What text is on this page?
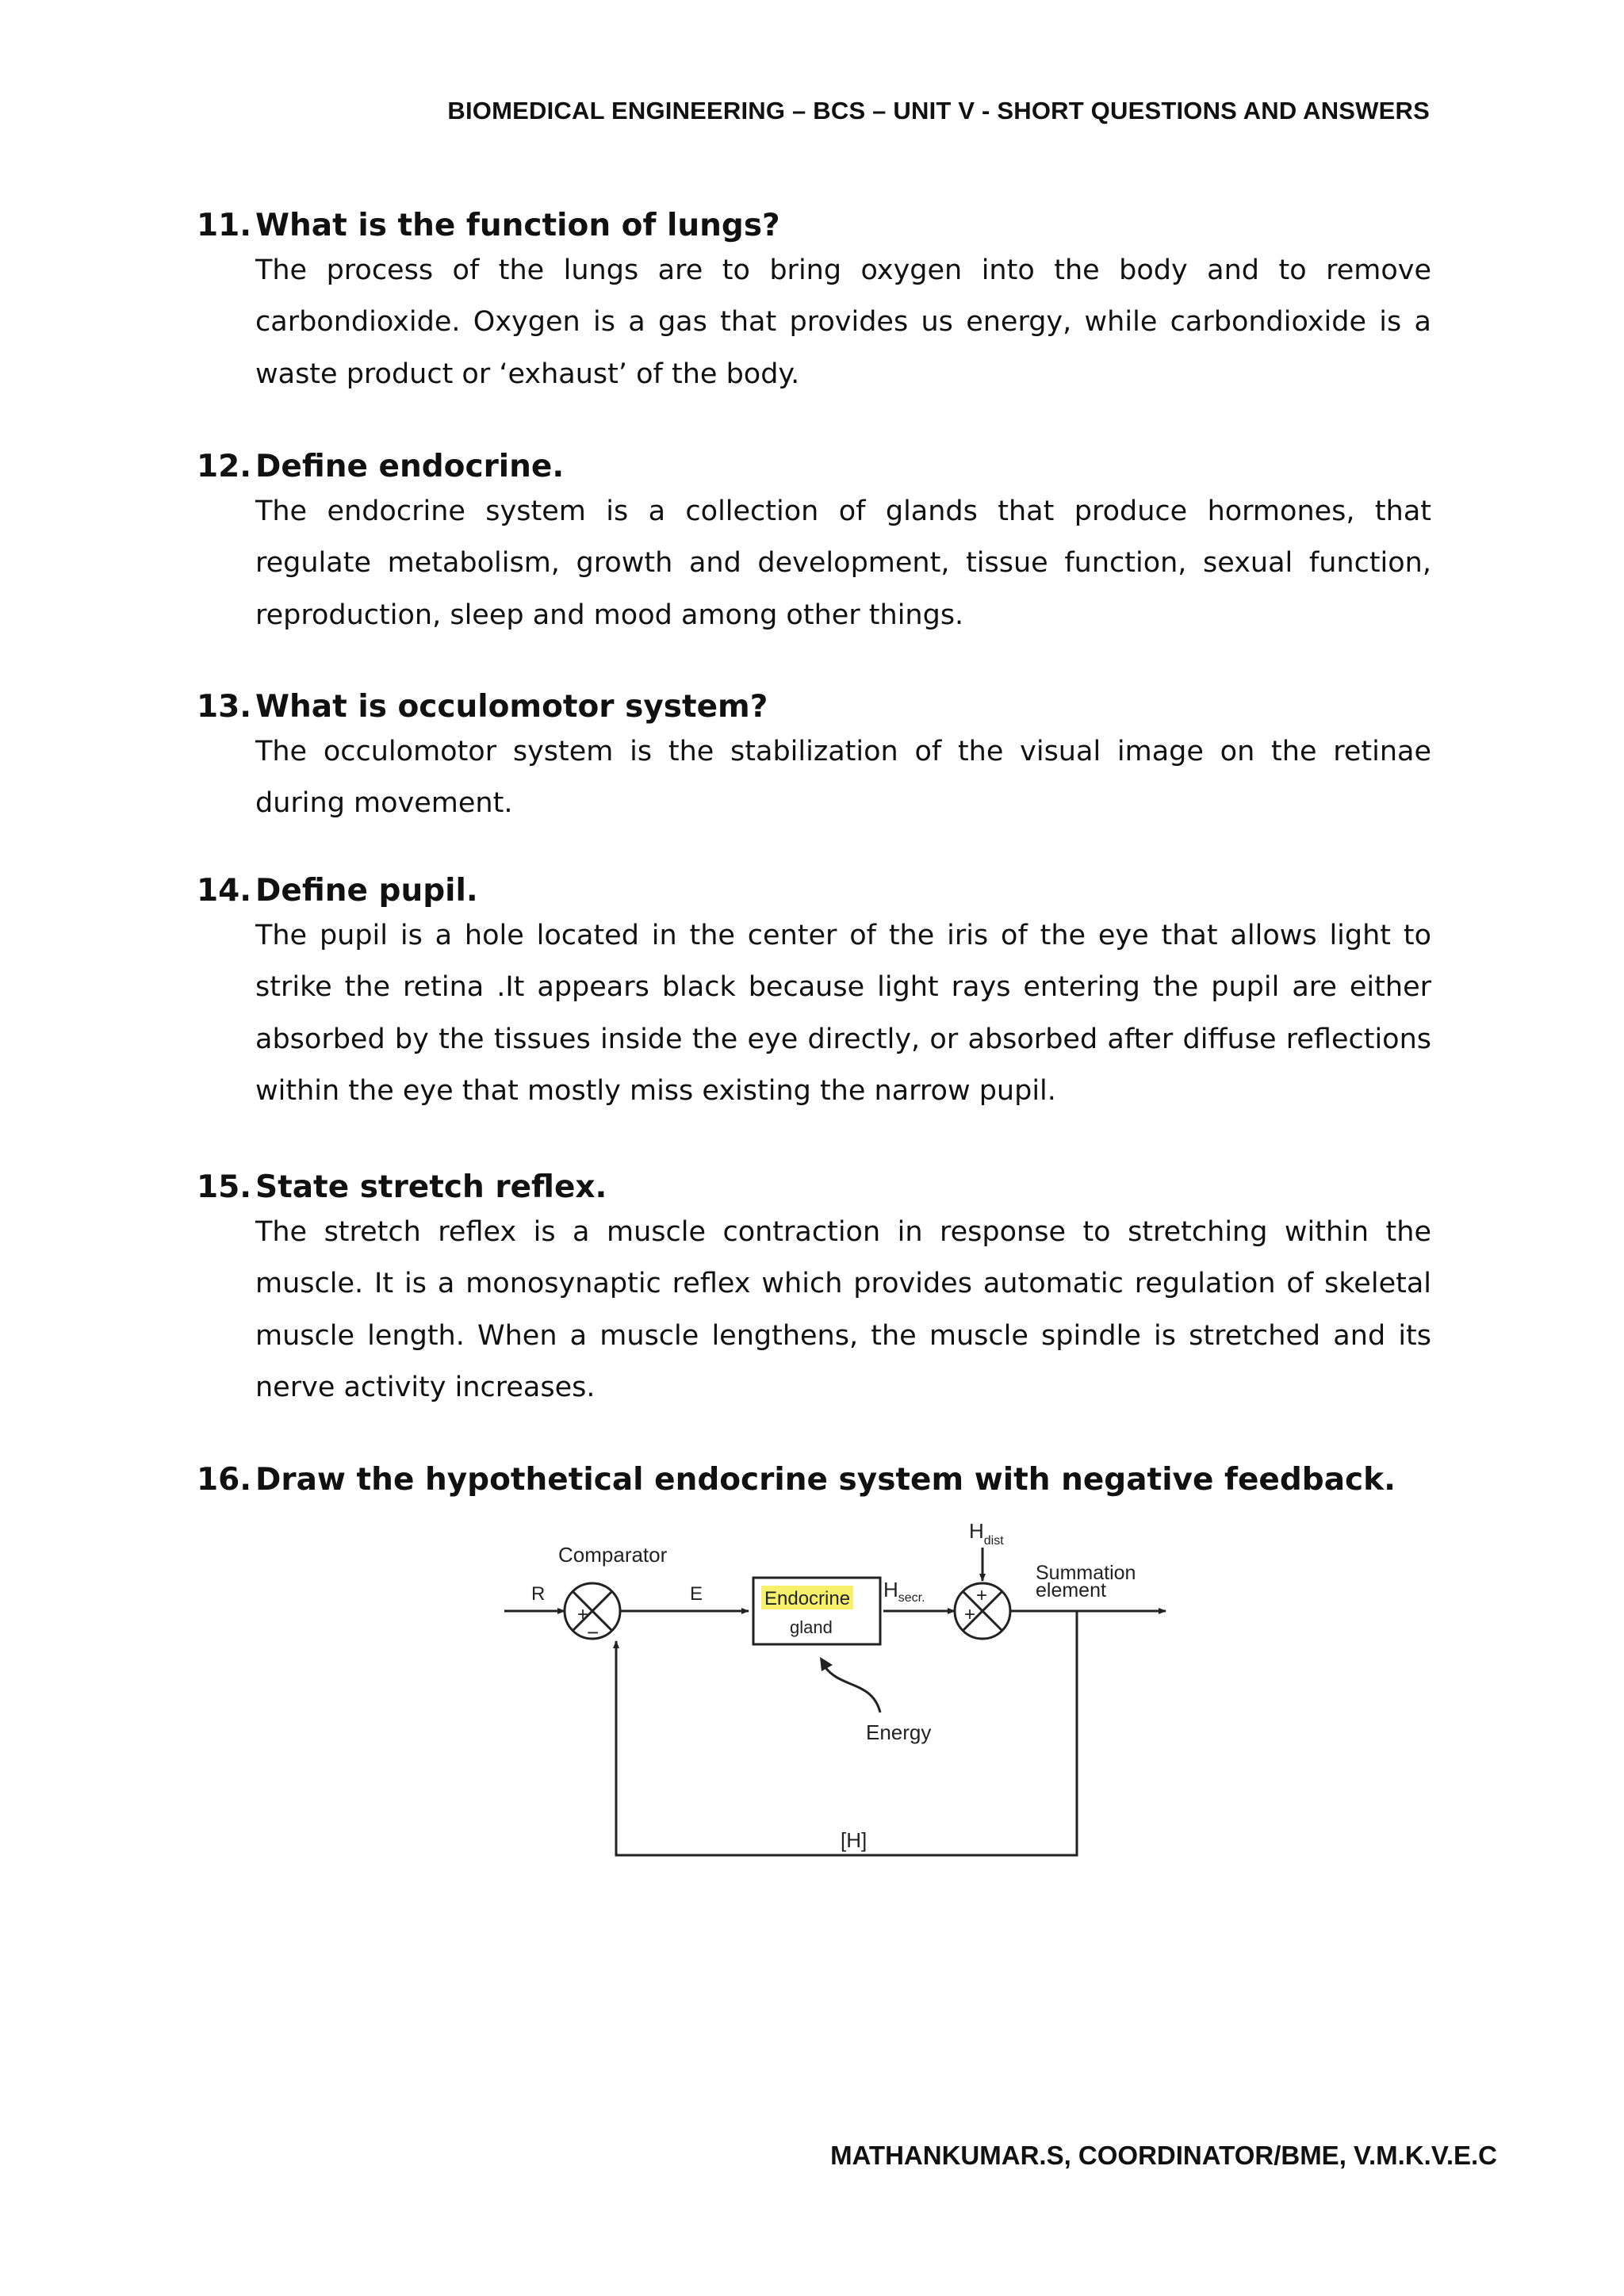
BIOMEDICAL ENGINEERING – BCS – UNIT V - SHORT QUESTIONS AND ANSWERS

11. What is the function of lungs?

The process of the lungs are to bring oxygen into the body and to remove carbondioxide. Oxygen is a gas that provides us energy, while carbondioxide is a waste product or ‘exhaust’ of the body.

12. Define endocrine.

The endocrine system is a collection of glands that produce hormones, that regulate metabolism, growth and development, tissue function, sexual function, reproduction, sleep and mood among other things.

13. What is occulomotor system?

The occulomotor system is the stabilization of the visual image on the retinae during movement.

14. Define pupil.

The pupil is a hole located in the center of the iris of the eye that allows light to strike the retina .It appears black because light rays entering the pupil are either absorbed by the tissues inside the eye directly, or absorbed after diffuse reflections within the eye that mostly miss existing the narrow pupil.

15. State stretch reflex.

The stretch reflex is a muscle contraction in response to stretching within the muscle. It is a monosynaptic reflex which provides automatic regulation of skeletal muscle length. When a muscle lengthens, the muscle spindle is stretched and its nerve activity increases.

16. Draw the hypothetical endocrine system with negative feedback.

+
−
+
+
Endocrine
gland
Comparator
R	E	$H_{secr.}$
$H_{dist}$
Summation
element
Energy
[H]
MATHANKUMAR.S, COORDINATOR/BME, V.M.K.V.E.C
